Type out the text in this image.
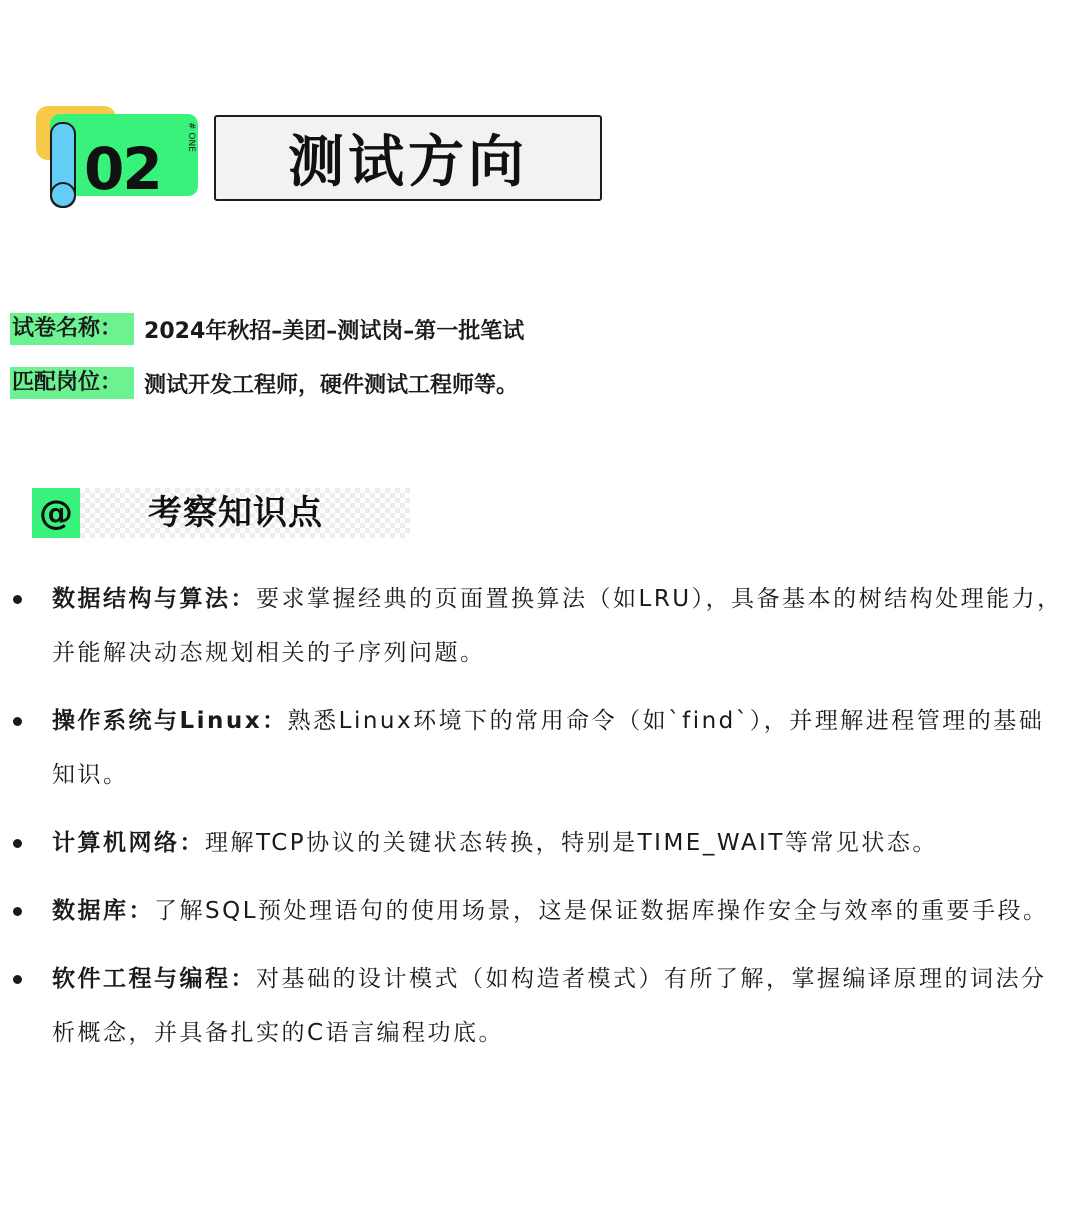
02	# ONE 测试方向
试卷名称：	2024年秋招–美团–测试岗–第一批笔试
匹配岗位：	测试开发工程师，硬件测试工程师等。
@ 考察知识点
数据结构与算法：要求掌握经典的页面置换算法（如LRU），具备基本的树结构处理能力，并能解决动态规划相关的子序列问题。
操作系统与Linux：熟悉Linux环境下的常用命令（如`find`），并理解进程管理的基础知识。
计算机网络：理解TCP协议的关键状态转换，特别是TIME_WAIT等常见状态。
数据库：了解SQL预处理语句的使用场景，这是保证数据库操作安全与效率的重要手段。
软件工程与编程：对基础的设计模式（如构造者模式）有所了解，掌握编译原理的词法分析概念，并具备扎实的C语言编程功底。
